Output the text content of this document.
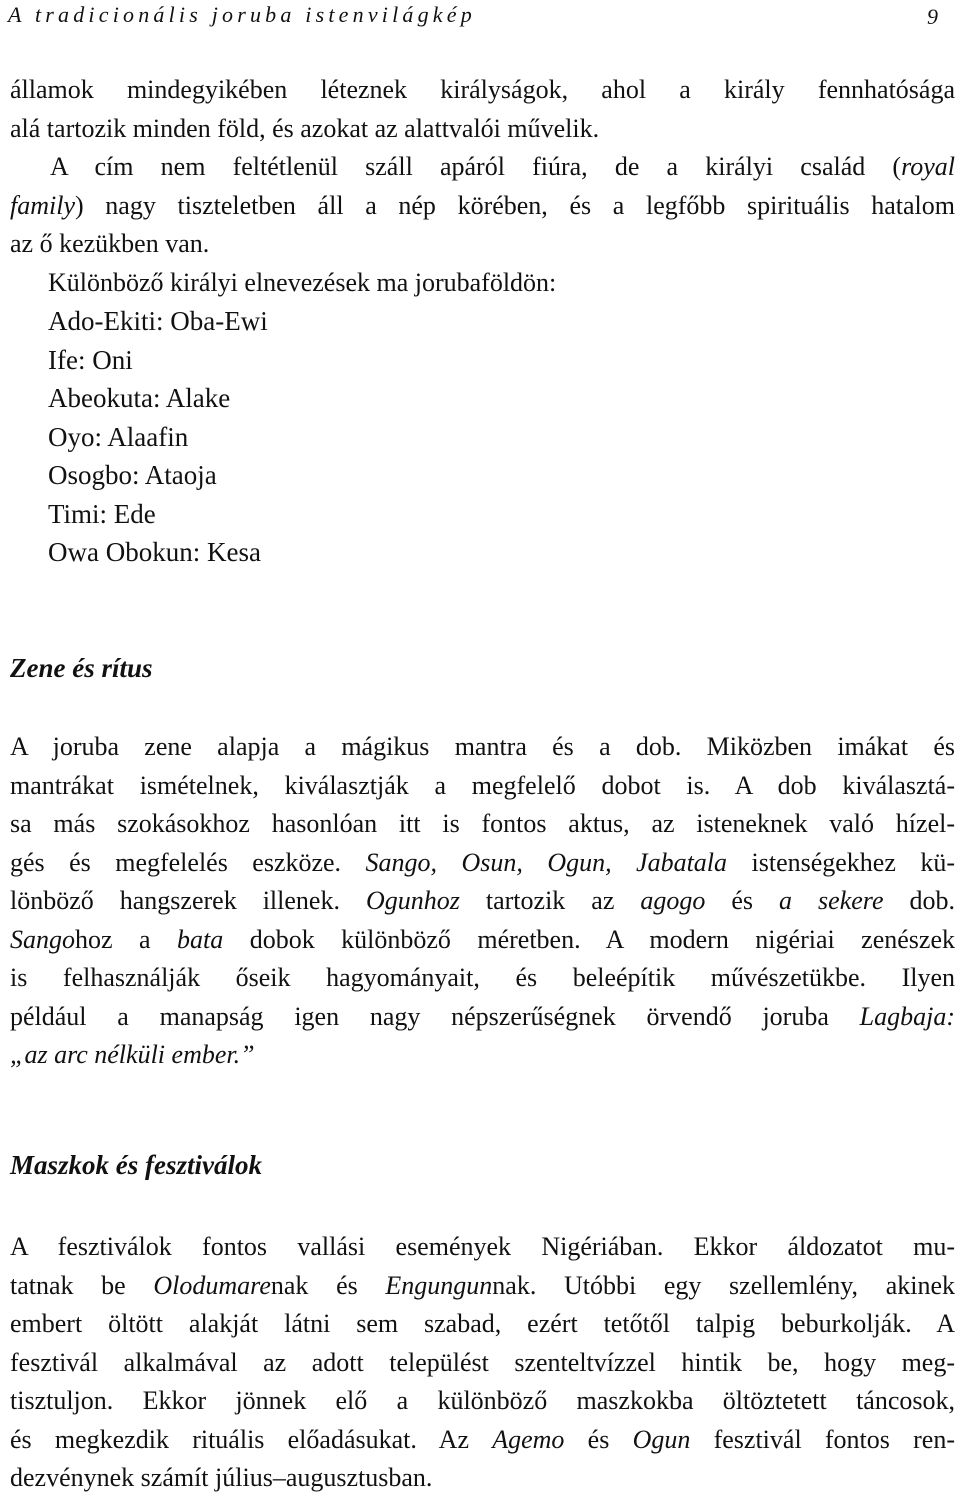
A tradicionális joruba istenvilágkép	9
államok mindegyikében léteznek királyságok, ahol a király fennhatósága
alá tartozik minden föld, és azokat az alattvalói művelik.
A cím nem feltétlenül száll apáról fiúra, de a királyi család (royal
family) nagy tiszteletben áll a nép körében, és a legfőbb spirituális hatalom
az ő kezükben van.
Különböző királyi elnevezések ma jorubaföldön:
Ado-Ekiti: Oba-Ewi
Ife: Oni
Abeokuta: Alake
Oyo: Alaafin
Osogbo: Ataoja
Timi: Ede
Owa Obokun: Kesa
Zene és rítus
A joruba zene alapja a mágikus mantra és a dob. Miközben imákat és
mantrákat ismételnek, kiválasztják a megfelelő dobot is. A dob kiválasztá-
sa más szokásokhoz hasonlóan itt is fontos aktus, az isteneknek való hízel-
gés és megfelelés eszköze. Sango, Osun, Ogun, Jabatala istenségekhez kü-
lönböző hangszerek illenek. Ogunhoz tartozik az agogo és a sekere dob.
Sangohoz a bata dobok különböző méretben. A modern nigériai zenészek
is felhasználják őseik hagyományait, és beleépítik művészetükbe. Ilyen
például a manapság igen nagy népszerűségnek örvendő joruba Lagbaja:
„az arc nélküli ember.”
Maszkok és fesztiválok
A fesztiválok fontos vallási események Nigériában. Ekkor áldozatot mu-
tatnak be Olodumarenak és Engungunnak. Utóbbi egy szellemlény, akinek
embert öltött alakját látni sem szabad, ezért tetőtől talpig beburkolják. A
fesztivál alkalmával az adott települést szenteltvízzel hintik be, hogy meg-
tisztuljon. Ekkor jönnek elő a különböző maszkokba öltöztetett táncosok,
és megkezdik rituális előadásukat. Az Agemo és Ogun fesztivál fontos ren-
dezvénynek számít július–augusztusban.
